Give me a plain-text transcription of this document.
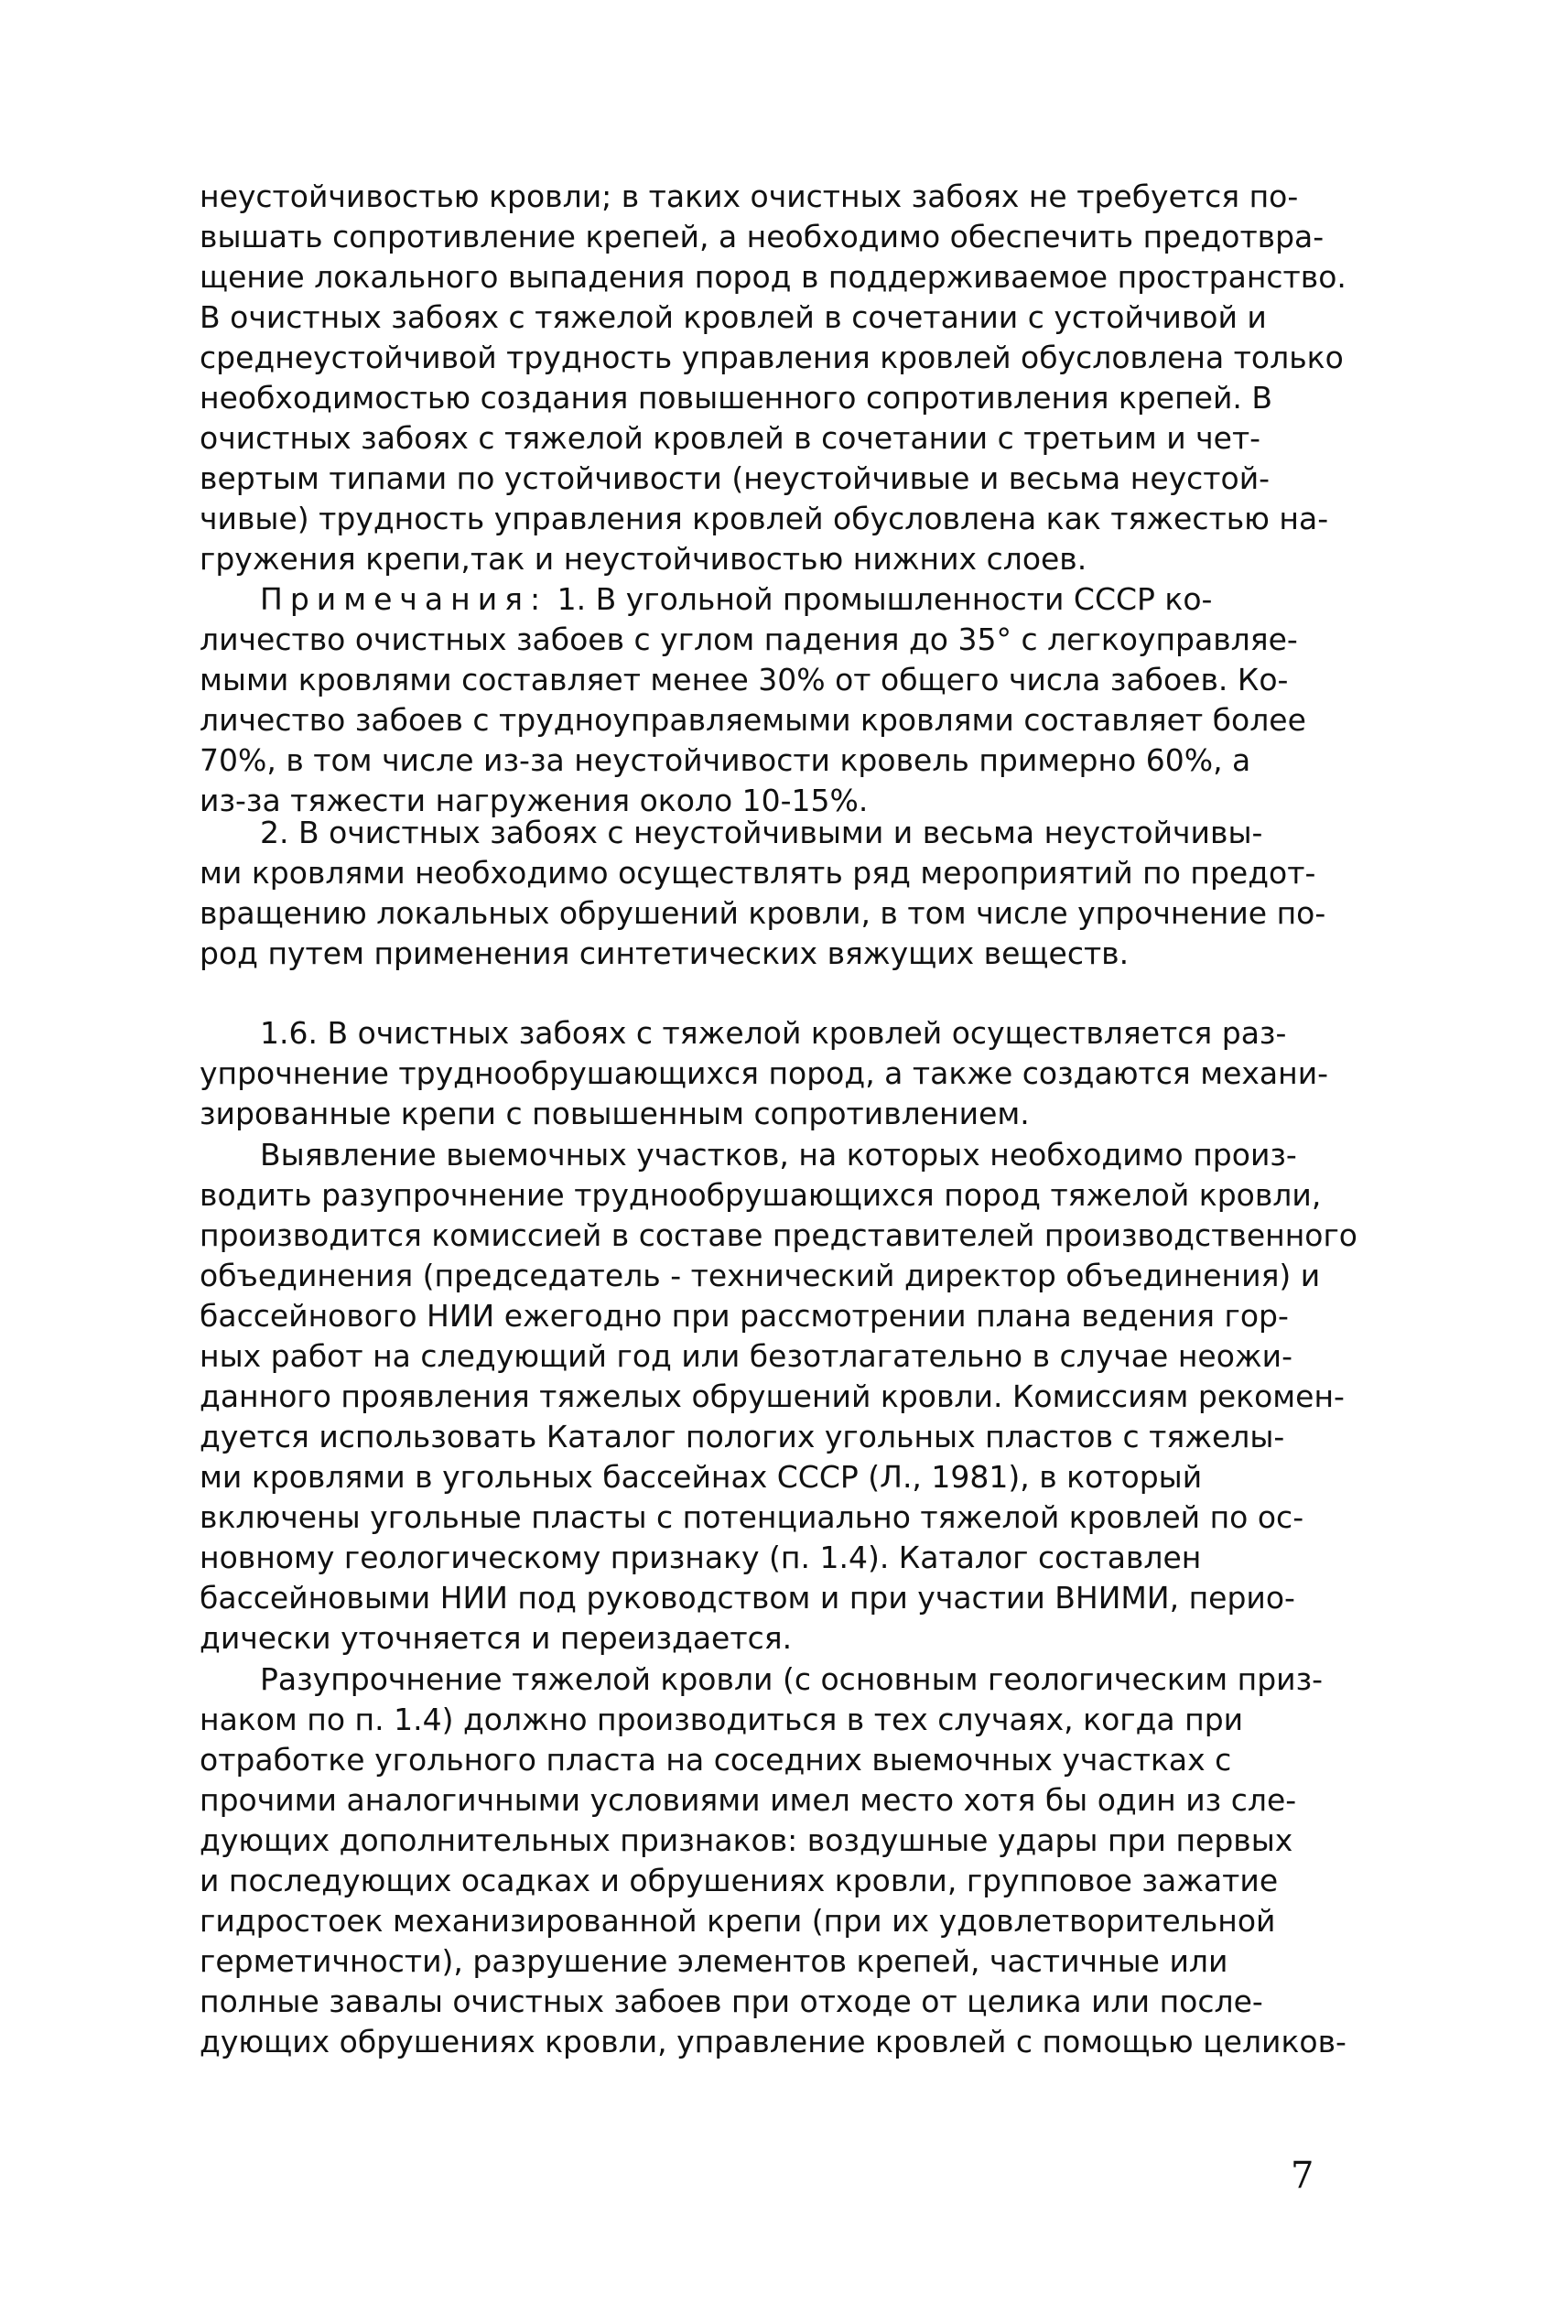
неустойчивостью кровли; в таких очистных забоях не требуется по-
вышать сопротивление крепей, а необходимо обеспечить предотвра-
щение локального выпадения пород в поддерживаемое пространство.
В очистных забоях с тяжелой кровлей в сочетании с устойчивой и
среднеустойчивой трудность управления кровлей обусловлена только
необходимостью создания повышенного сопротивления крепей. В
очистных забоях с тяжелой кровлей в сочетании с третьим и чет-
вертым типами по устойчивости (неустойчивые и весьма неустой-
чивые) трудность управления кровлей обусловлена как тяжестью на-
гружения крепи,так и неустойчивостью нижних слоев.
Примечания: 1. В угольной промышленности СССР ко-
личество очистных забоев с углом падения до 35° с легкоуправляе-
мыми кровлями составляет менее 30% от общего числа забоев. Ко-
личество забоев с трудноуправляемыми кровлями составляет более
70%, в том числе из-за неустойчивости кровель примерно 60%, а
из-за тяжести нагружения около 10-15%.
2. В очистных забоях с неустойчивыми и весьма неустойчивы-
ми кровлями необходимо осуществлять ряд мероприятий по предот-
вращению локальных обрушений кровли, в том числе упрочнение по-
род путем применения синтетических вяжущих веществ.
1.6. В очистных забоях с тяжелой кровлей осуществляется раз-
упрочнение труднообрушающихся пород, а также создаются механи-
зированные крепи с повышенным сопротивлением.
Выявление выемочных участков, на которых необходимо произ-
водить разупрочнение труднообрушающихся пород тяжелой кровли,
производится комиссией в составе представителей производственного
объединения (председатель - технический директор объединения) и
бассейнового НИИ ежегодно при рассмотрении плана ведения гор-
ных работ на следующий год или безотлагательно в случае неожи-
данного проявления тяжелых обрушений кровли. Комиссиям рекомен-
дуется использовать Каталог пологих угольных пластов с тяжелы-
ми кровлями в угольных бассейнах СССР (Л., 1981), в который
включены угольные пласты с потенциально тяжелой кровлей по ос-
новному геологическому признаку (п. 1.4). Каталог составлен
бассейновыми НИИ под руководством и при участии ВНИМИ, перио-
дически уточняется и переиздается.
Разупрочнение тяжелой кровли (с основным геологическим приз-
наком по п. 1.4) должно производиться в тех случаях, когда при
отработке угольного пласта на соседних выемочных участках с
прочими аналогичными условиями имел место хотя бы один из сле-
дующих дополнительных признаков: воздушные удары при первых
и последующих осадках и обрушениях кровли, групповое зажатие
гидростоек механизированной крепи (при их удовлетворительной
герметичности), разрушение элементов крепей, частичные или
полные завалы очистных забоев при отходе от целика или после-
дующих обрушениях кровли, управление кровлей с помощью целиков-
7
